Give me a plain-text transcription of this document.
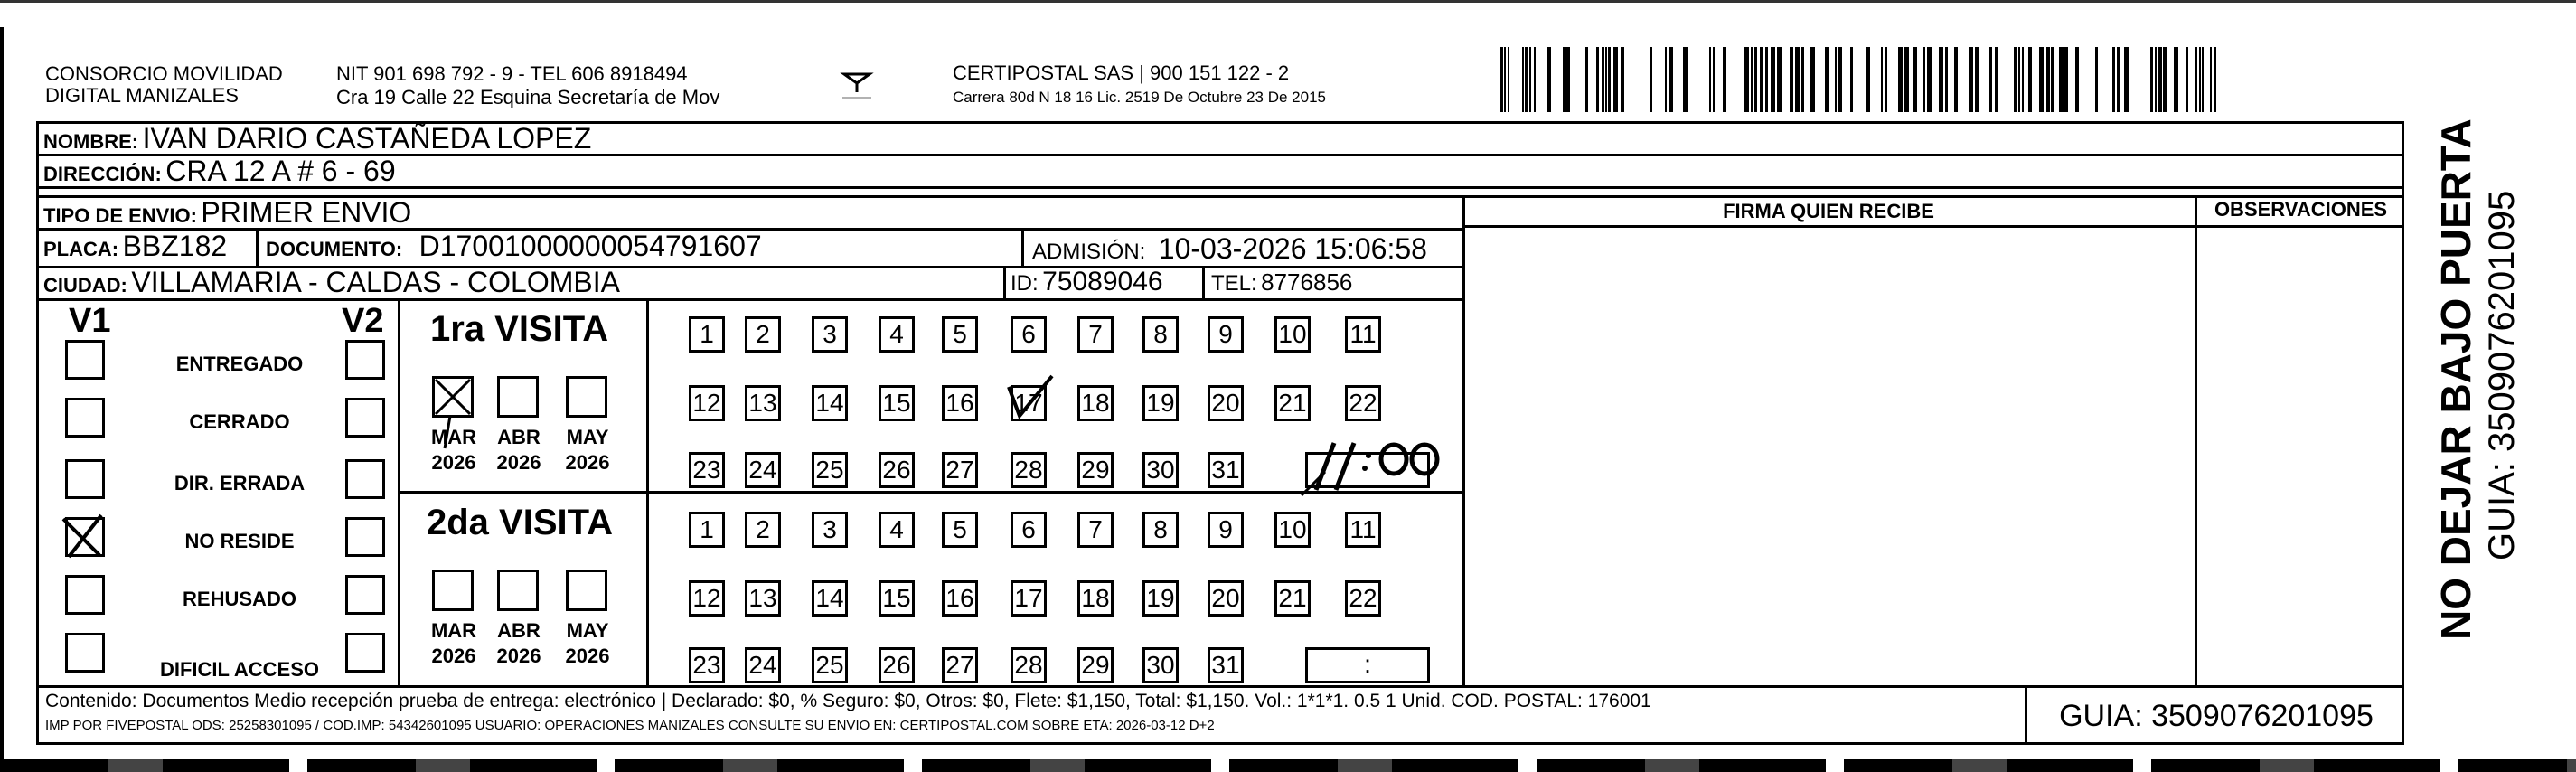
CONSORCIO MOVILIDAD
DIGITAL MANIZALES
NIT 901 698 792 - 9 - TEL 606 8918494
Cra 19 Calle 22 Esquina Secretaría de Mov
CERTIPOSTAL SAS | 900 151 122 - 2
Carrera 80d N 18 16 Lic. 2519 De Octubre 23 De 2015
NOMBRE: IVAN DARIO CASTAÑEDA LOPEZ
DIRECCIÓN: CRA 12 A # 6 - 69
TIPO DE ENVIO: PRIMER ENVIO	FIRMA QUIEN RECIBE	OBSERVACIONES
PLACA: BBZ182 DOCUMENTO: D17001000000054791607	ADMISIÓN: 10-03-2026 15:06:58
CIUDAD: VILLAMARIA - CALDAS - COLOMBIA	ID: 75089046 TEL: 8776856
V1	V2
ENTREGADO
CERRADO
DIR. ERRADA
NO RESIDE
REHUSADO
DIFICIL ACCESO
MAR
2026
ABR
2026
MAY
2026
MAR
2026
ABR
2026
MAY
2026
1	2	3	4	5	6	7	8	9	10 11
12 13 14 15 16 17 18 19 20 21 22
23 24 25 26 27 28 29 30 31
1	2	3	4	5	6	7	8	9	10 11
12 13 14 15 16 17 18 19 20 21 22
23 24 25 26 27 28 29 30 31	:
1ra VISITA
2da VISITA
Contenido: Documentos Medio recepción prueba de entrega: electrónico | Declarado: $0, % Seguro: $0, Otros: $0, Flete: $1,150, Total: $1,150. Vol.: 1*1*1. 0.5 1 Unid. COD. POSTAL: 176001
IMP POR FIVEPOSTAL ODS: 25258301095 / COD.IMP: 54342601095 USUARIO: OPERACIONES MANIZALES CONSULTE SU ENVIO EN: CERTIPOSTAL.COM SOBRE ETA: 2026-03-12 D+2	GUIA: 3509076201095
NO DEJAR BAJO PUERTA GUIA: 3509076201095
